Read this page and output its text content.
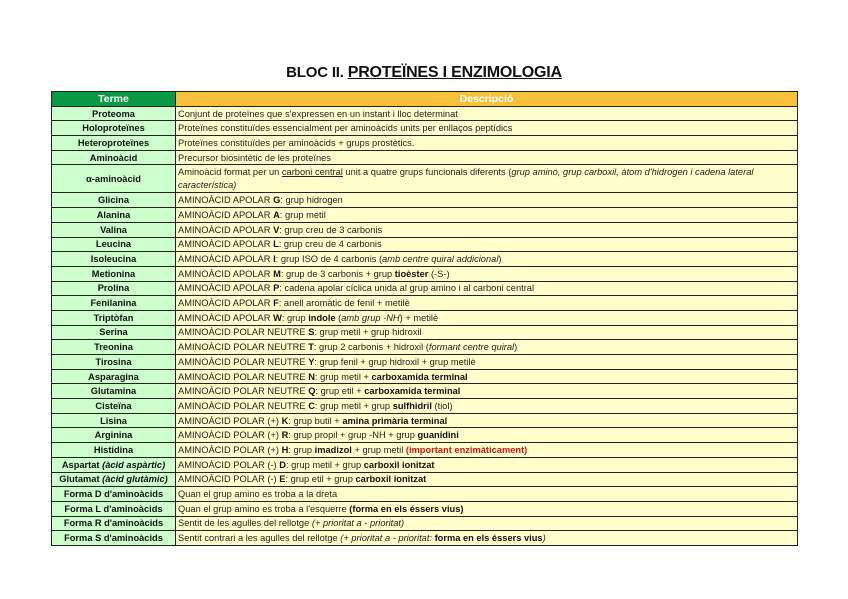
BLOC II. PROTEÏNES I ENZIMOLOGIA
Terme	Descripció
Proteoma	Conjunt de proteïnes que s'expressen en un instant i lloc determinat
Holoproteïnes	Proteïnes constituïdes essencialment per aminoàcids units per enllaços peptídics
Heteroproteïnes	Proteïnes constituïdes per aminoàcids + grups prostètics.
Aminoàcid	Precursor biosintètic de les proteïnes
α-aminoàcid	Aminoàcid format per un carboni central unit a quatre grups funcionals diferents (grup amino, grup carboxil, àtom d'hidrogen i cadena lateral característica)
Glicina	AMINOÀCID APOLAR G: grup hidrogen
Alanina	AMINOÀCID APOLAR A: grup metil
Valina	AMINOÀCID APOLAR V: grup creu de 3 carbonis
Leucina	AMINOÀCID APOLAR L: grup creu de 4 carbonis
Isoleucina	AMINOÀCID APOLAR I: grup ISO de 4 carbonis (amb centre quiral addicional)
Metionina	AMINOÀCID APOLAR M: grup de 3 carbonis + grup tioèster (-S-)
Prolina	AMINOÀCID APOLAR P: cadena apolar cíclica unida al grup amino i al carboni central
Fenilanina	AMINOÀCID APOLAR F: anell aromàtic de fenil + metilè
Triptòfan	AMINOÀCID APOLAR W: grup indole (amb grup -NH) + metilè
Serina	AMINOÀCID POLAR NEUTRE S: grup metil + grup hidroxil
Treonina	AMINOÀCID POLAR NEUTRE T: grup 2 carbonis + hidroxil (formant centre quiral)
Tirosina	AMINOÀCID POLAR NEUTRE Y: grup fenil + grup hidroxil + grup metilè
Asparagina	AMINOÀCID POLAR NEUTRE N: grup metil + carboxamida terminal
Glutamina	AMINOÀCID POLAR NEUTRE Q: grup etil + carboxamida terminal
Cisteïna	AMINOÀCID POLAR NEUTRE C: grup metil + grup sulfhidril (tiol)
Lisina	AMINOÀCID POLAR (+) K: grup butil + amina primària terminal
Arginina	AMINOÀCID POLAR (+) R: grup propil + grup -NH + grup guanidini
Histidina	AMINOÀCID POLAR (+) H: grup imadizol + grup metil (important enzimàticament)
Aspartat (àcid aspàrtic)	AMINOÀCID POLAR (-) D: grup metil + grup carboxil ionitzat
Glutamat (àcid glutàmic)	AMINOÀCID POLAR (-) E: grup etil + grup carboxil ionitzat
Forma D d'aminoàcids	Quan el grup amino es troba a la dreta
Forma L d'aminoàcids	Quan el grup amino es troba a l'esquerre (forma en els éssers vius)
Forma R d'aminoàcids	Sentit de les agulles del rellotge (+ prioritat a - prioritat)
Forma S d'aminoàcids	Sentit contrari a les agulles del rellotge (+ prioritat a - prioritat: forma en els éssers vius)
